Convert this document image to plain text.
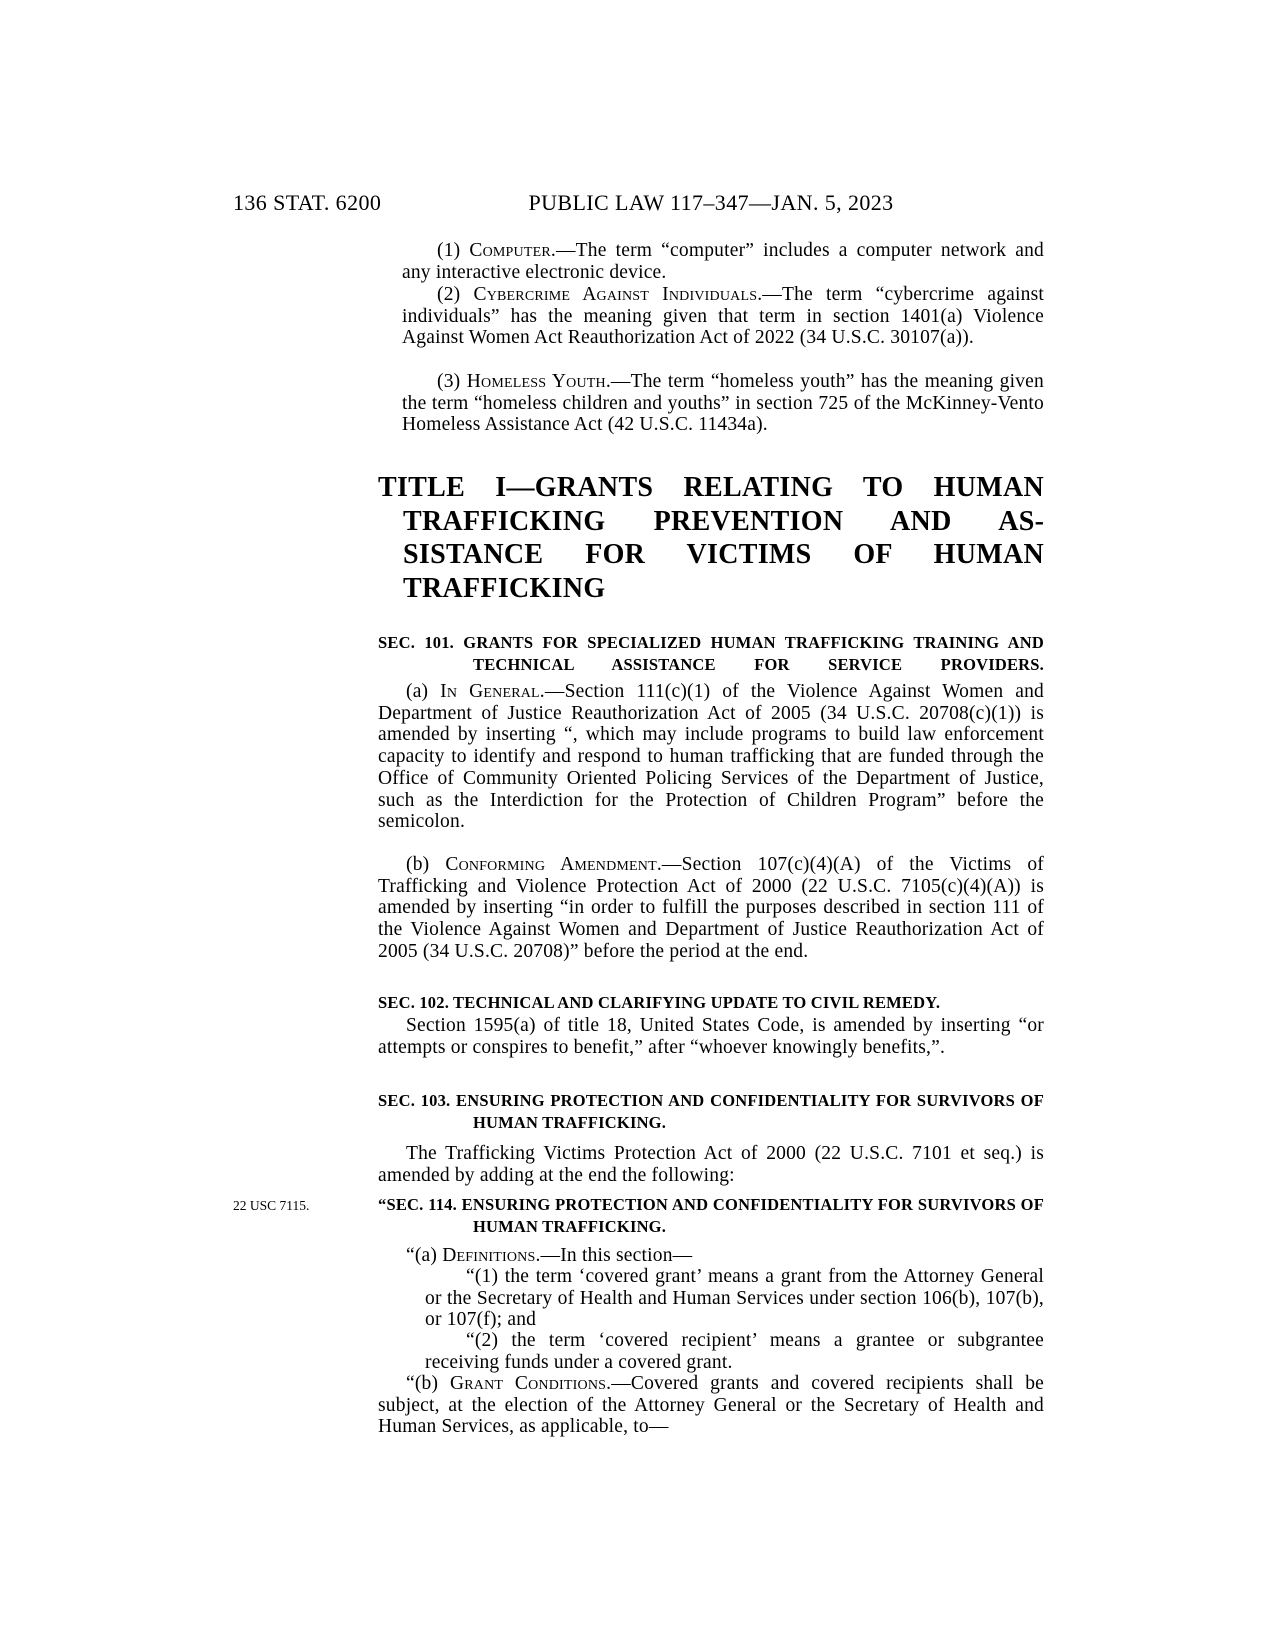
136 STAT. 6200	PUBLIC LAW 117–347—JAN. 5, 2023
22 USC 7115.
(1) Computer.—The term “computer” includes a computer network and any interactive electronic device.
(2) Cybercrime Against Individuals.—The term “cybercrime against individuals” has the meaning given that term in section 1401(a) Violence Against Women Act Reauthorization Act of 2022 (34 U.S.C. 30107(a)).
(3) Homeless Youth.—The term “homeless youth” has the meaning given the term “homeless children and youths” in section 725 of the McKinney-Vento Homeless Assistance Act (42 U.S.C. 11434a).
TITLE I—GRANTS RELATING TO HUMAN TRAFFICKING PREVENTION AND ASSISTANCE FOR VICTIMS OF HUMAN TRAFFICKING
SEC. 101. GRANTS FOR SPECIALIZED HUMAN TRAFFICKING TRAINING AND TECHNICAL ASSISTANCE FOR SERVICE PROVIDERS.
(a) In General.—Section 111(c)(1) of the Violence Against Women and Department of Justice Reauthorization Act of 2005 (34 U.S.C. 20708(c)(1)) is amended by inserting “, which may include programs to build law enforcement capacity to identify and respond to human trafficking that are funded through the Office of Community Oriented Policing Services of the Department of Justice, such as the Interdiction for the Protection of Children Program” before the semicolon.
(b) Conforming Amendment.—Section 107(c)(4)(A) of the Victims of Trafficking and Violence Protection Act of 2000 (22 U.S.C. 7105(c)(4)(A)) is amended by inserting “in order to fulfill the purposes described in section 111 of the Violence Against Women and Department of Justice Reauthorization Act of 2005 (34 U.S.C. 20708)” before the period at the end.
SEC. 102. TECHNICAL AND CLARIFYING UPDATE TO CIVIL REMEDY.
Section 1595(a) of title 18, United States Code, is amended by inserting “or attempts or conspires to benefit,” after “whoever knowingly benefits,”.
SEC. 103. ENSURING PROTECTION AND CONFIDENTIALITY FOR SURVIVORS OF HUMAN TRAFFICKING.
The Trafficking Victims Protection Act of 2000 (22 U.S.C. 7101 et seq.) is amended by adding at the end the following:
“SEC. 114. ENSURING PROTECTION AND CONFIDENTIALITY FOR SURVIVORS OF HUMAN TRAFFICKING.
“(a) Definitions.—In this section—
“(1) the term ‘covered grant’ means a grant from the Attorney General or the Secretary of Health and Human Services under section 106(b), 107(b), or 107(f); and
“(2) the term ‘covered recipient’ means a grantee or subgrantee receiving funds under a covered grant.
“(b) Grant Conditions.—Covered grants and covered recipients shall be subject, at the election of the Attorney General or the Secretary of Health and Human Services, as applicable, to—
